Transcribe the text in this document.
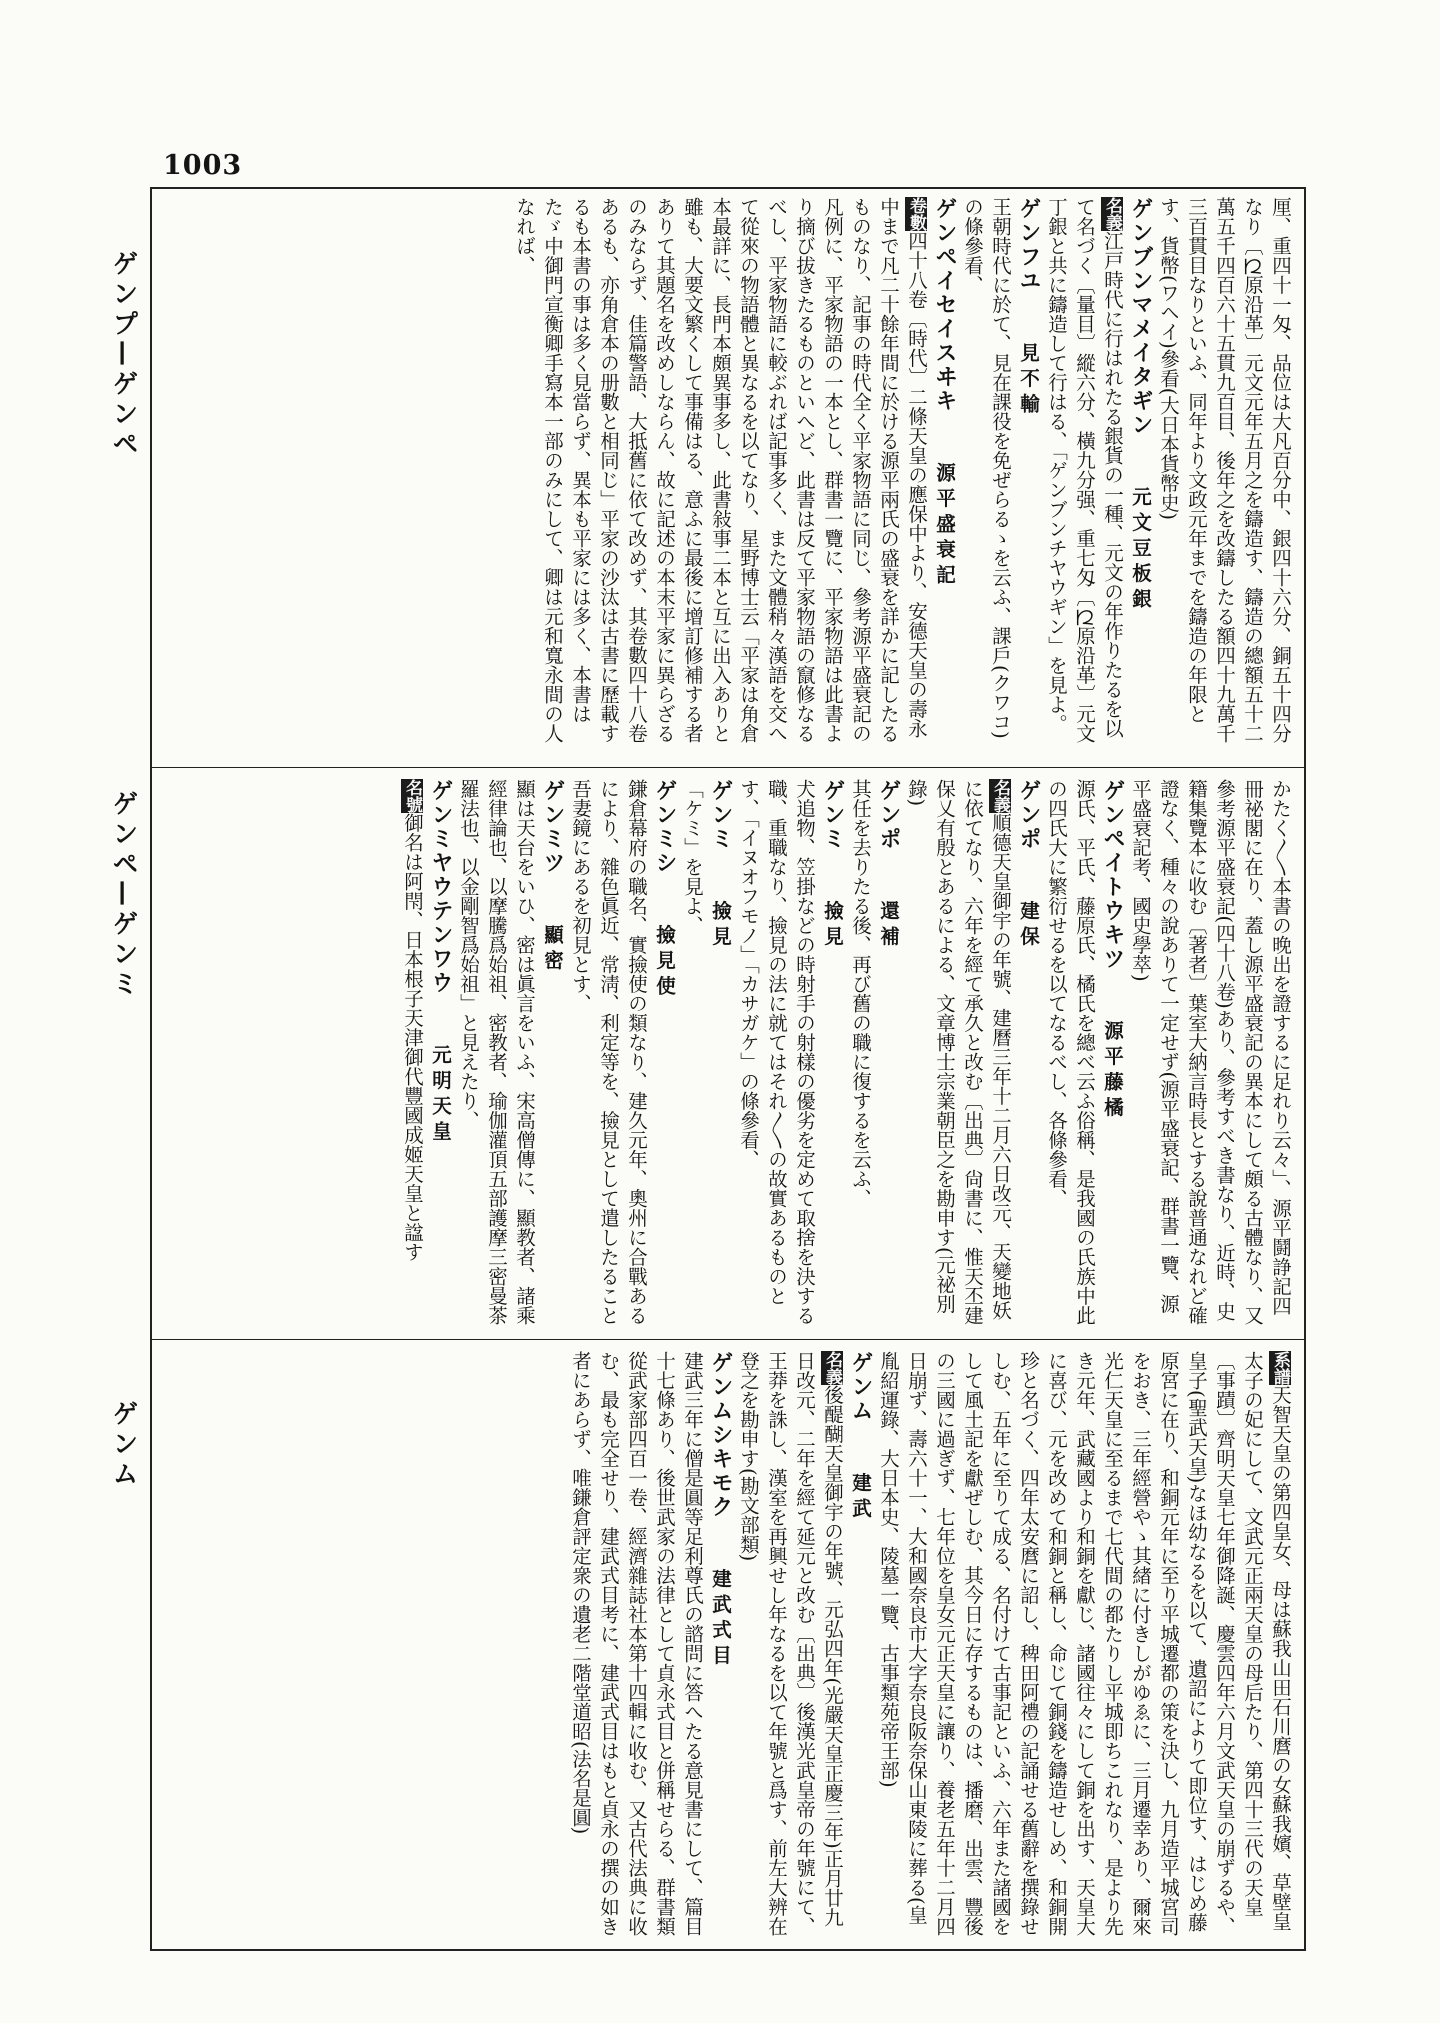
1003
ゲンプ—ゲンペ
ゲンペ—ゲンミ
ゲンム

厘、重四十一匁、品位は大凡百分中、銀四十六分、銅五十四分なり〔𛀁原沿革〕元文元年五月之を鑄造す、鑄造の總額五十二萬五千四百六十五貫九百目、後年之を改鑄したる額四十九萬千三百貫目なりといふ、同年より文政元年までを鑄造の年限とす、貨幣(ワヘイ)參看(大日本貨幣史)

ゲンブンマメイタギン　元文豆板銀　
名義江戸時代に行はれたる銀貨の一種、元文の年作りたるを以て名づく〔量目〕縱六分、橫九分强、重七匁〔𛀁原沿革〕元文丁銀と共に鑄造して行はる、「ゲンブンチヤウギン」を見よ。

ゲンフユ　見不輸　
王朝時代に於て、見在課役を免ぜらるゝを云ふ、課戶(クワコ)の條參看、

ゲンペイセイスヰキ　源平盛衰記　
卷數四十八卷〔時代〕二條天皇の應保中より、安德天皇の壽永中まで凡二十餘年間に於ける源平兩氏の盛衰を詳かに記したるものなり、記事の時代全く平家物語に同じ、參考源平盛衰記の凡例に、平家物語の一本とし、群書一覽に、平家物語は此書より摘び拔きたるものといへど、此書は反て平家物語の竄修なるべし、平家物語に較ぶれば記事多く、また文體稍々漢語を交へて從來の物語體と異なるを以てなり、星野博士云「平家は角倉本最詳に、長門本頗異事多し、此書敍事二本と互に出入ありと雖も、大要文繁くして事備はる、意ふに最後に增訂修補する者ありて其題名を改めしならん、故に記述の本末平家に異らざるのみならず、佳篇警語、大抵舊に依て改めず、其卷數四十八卷あるも、亦角倉本の册數と相同じ」平家の沙汰は古書に歷載するも本書の事は多く見當らず、異本も平家には多く、本書はたゞ中御門宣衡卿手寫本一部のみにして、卿は元和寬永間の人なれば、

かたく〳〵本書の晚出を證するに足れり云々」、源平鬪諍記四冊祕閣に在り、蓋し源平盛衰記の異本にして頗る古體なり、又參考源平盛衰記(四十八卷)あり、參考すべき書なり、近時、史籍集覽本に收む〔著者〕葉室大納言時長とする說普通なれど確證なく、種々の說ありて一定せず(源平盛衰記、群書一覽、源平盛衰記考、國史學萃)

ゲンペイトウキツ　源平藤橘　
源氏、平氏、藤原氏、橘氏を總べ云ふ俗稱、是我國の氏族中此の四氏大に繁衍せるを以てなるべし、各條參看、

ゲンポ　建保　
名義順德天皇御宇の年號、建曆三年十二月六日改元、天變地妖に依てなり、六年を經て承久と改む〔出典〕尙書に、惟天丕建保乂有殷とあるによる、文章博士宗業朝臣之を勘申す(元祕別錄)

ゲンポ　還補　
其任を去りたる後、再び舊の職に復するを云ふ、

ゲンミ　撿見　
犬追物、笠掛などの時射手の射樣の優劣を定めて取捨を決する職、重職なり、撿見の法に就てはそれ〳〵の故實あるものとす、「イヌオフモノ」「カサガケ」の條參看、

ゲンミ　撿見　
「ケミ」を見よ、

ゲンミシ　撿見使　
鎌倉幕府の職名、實撿使の類なり、建久元年、奧州に合戰あるにより、雜色眞近、常淸、利定等を、撿見として遣したること吾妻鏡にあるを初見とす、

ゲンミツ　顯密　
顯は天台をいひ、密は眞言をいふ、宋高僧傳に、顯教者、諸乘經律論也、以摩騰爲始祖、密教者、瑜伽灌頂五部護摩三密曼茶羅法也、以金剛智爲始祖」と見えたり、

ゲンミヤウテンワウ　元明天皇　
名號御名は阿閇、日本根子天津御代豐國成姬天皇と諡す

系譜天智天皇の第四皇女、母は蘇我山田石川麿の女蘇我嬪、草壁皇太子の妃にして、文武元正兩天皇の母后たり、第四十三代の天皇〔事蹟〕齊明天皇七年御降誕、慶雲四年六月文武天皇の崩ずるや、皇子(聖武天皇)なほ幼なるを以て、遺詔によりて即位す、はじめ藤原宮に在り、和銅元年に至り平城遷都の策を決し、九月造平城宮司をおき、三年經營やゝ其緖に付きしがゆゑに、三月遷幸あり、爾來光仁天皇に至るまで七代間の都たりし平城即ちこれなり、是より先き元年、武藏國より和銅を獻じ、諸國往々にして銅を出す、天皇大に喜び、元を改めて和銅と稱し、命じて銅錢を鑄造せしめ、和銅開珍と名づく、四年太安麿に詔し、稗田阿禮の記誦せる舊辭を撰錄せしむ、五年に至りて成る、名付けて古事記といふ、六年また諸國をして風土記を獻ぜしむ、其今日に存するものは、播磨、出雲、豐後の三國に過ぎず、七年位を皇女元正天皇に讓り、養老五年十二月四日崩ず、壽六十一、大和國奈良市大字奈良阪奈保山東陵に葬る(皇胤紹運錄、大日本史、陵墓一覽、古事類苑帝王部)

ゲンム　建武　
名義後醍醐天皇御宇の年號、元弘四年(光嚴天皇正慶三年)正月廿九日改元、二年を經て延元と改む〔出典〕後漢光武皇帝の年號にて、王莽を誅し、漢室を再興せし年なるを以て年號と爲す、前左大辨在登之を勘申す(勘文部類)

ゲンムシキモク　建武式目　
建武三年に僧是圓等足利尊氏の諮問に答へたる意見書にして、篇目十七條あり、後世武家の法律として貞永式目と併稱せらる、群書類從武家部四百一卷、經濟雜誌社本第十四輯に收む、又古代法典に收む、最も完全せり、建武式目考に、建武式目はもと貞永の撰の如き者にあらず、唯鎌倉評定衆の遺老二階堂道昭(法名是圓)
